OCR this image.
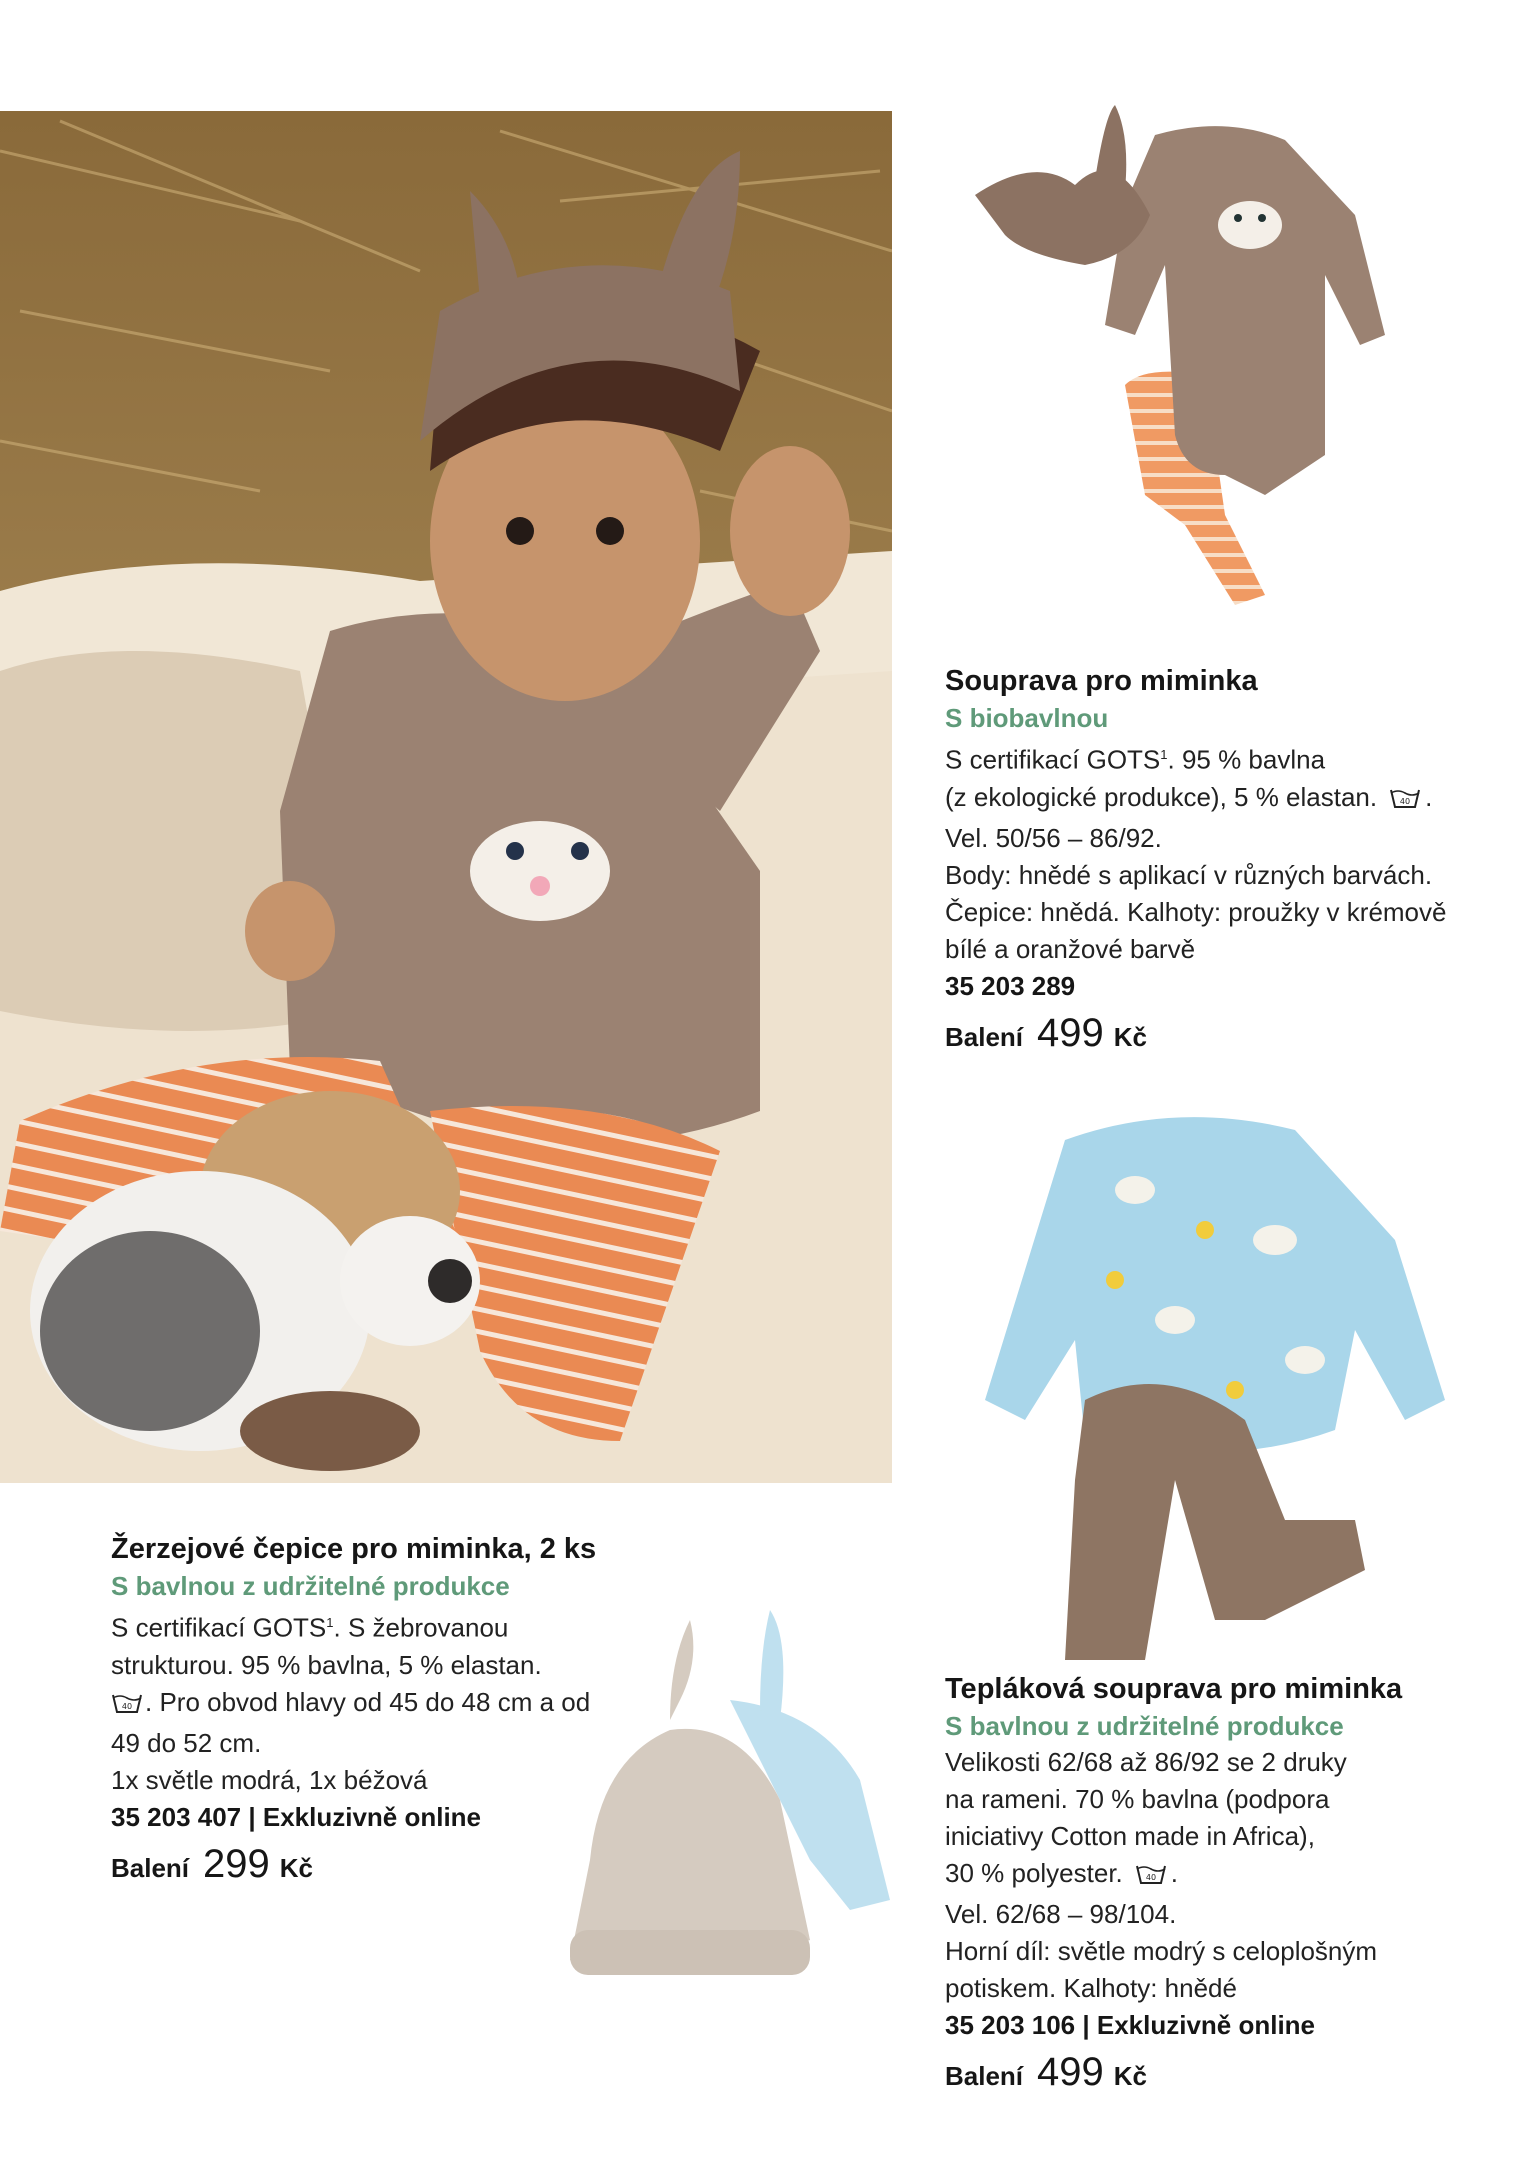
Souprava pro miminka
S biobavlnou
S certifikací GOTS$^1$. 95 % bavlna
(z ekologické produkce), 5 % elastan.	40 .
Vel. 50/56 – 86/92.
Body: hnědé s aplikací v různých barvách.
Čepice: hnědá. Kalhoty: proužky v krémově
bílé a oranžové barvě
35 203 289
Balení 499 Kč
Žerzejové čepice pro miminka, 2 ks
S bavlnou z udržitelné produkce
S certifikací GOTS$^1$. S žebrovanou
strukturou. 95 % bavlna, 5 % elastan.
40 . Pro obvod hlavy od 45 do 48 cm a od
49 do 52 cm.
1x světle modrá, 1x béžová
35 203 407 | Exkluzivně online
Balení 299 Kč
Tepláková souprava pro miminka
S bavlnou z udržitelné produkce
Velikosti 62/68 až 86/92 se 2 druky
na rameni. 70 % bavlna (podpora
iniciativy Cotton made in Africa),
30 % polyester.	40 .
Vel. 62/68 – 98/104.
Horní díl: světle modrý s celoplošným
potiskem. Kalhoty: hnědé
35 203 106 | Exkluzivně online
Balení 499 Kč
